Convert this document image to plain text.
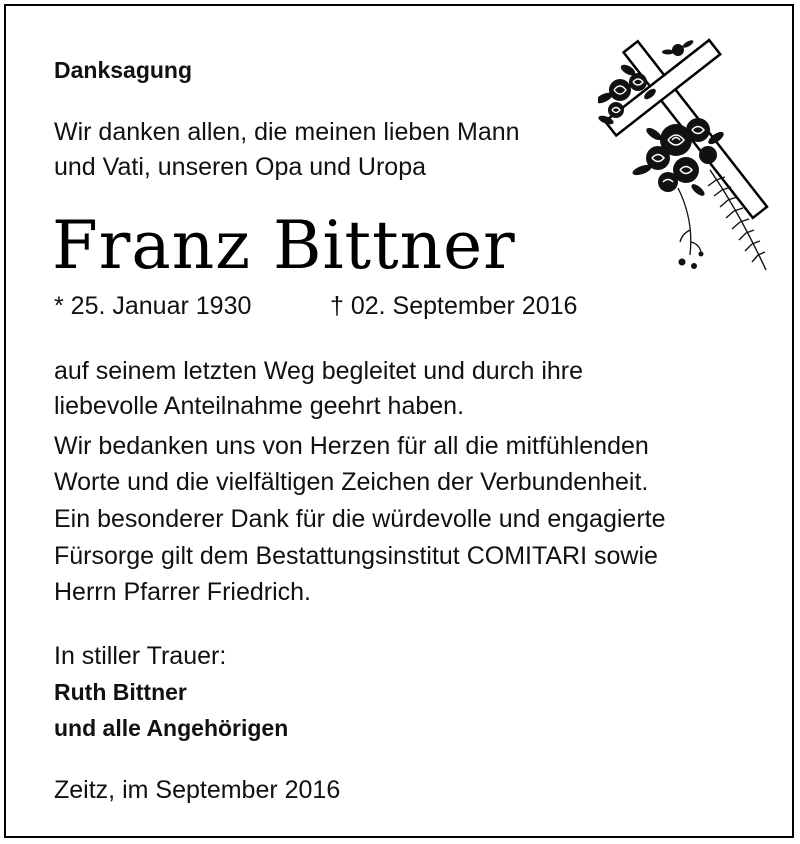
Danksagung
Wir danken allen, die meinen lieben Mann
und Vati, unseren Opa und Uropa
Franz Bittner
* 25. Januar 1930	† 02. September 2016
auf seinem letzten Weg begleitet und durch ihre
liebevolle Anteilnahme geehrt haben.
Wir bedanken uns von Herzen für all die mitfühlenden
Worte und die vielfältigen Zeichen der Verbundenheit.
Ein besonderer Dank für die würdevolle und engagierte
Fürsorge gilt dem Bestattungsinstitut COMITARI sowie
Herrn Pfarrer Friedrich.
In stiller Trauer:
Ruth Bittner
und alle Angehörigen
Zeitz, im September 2016
